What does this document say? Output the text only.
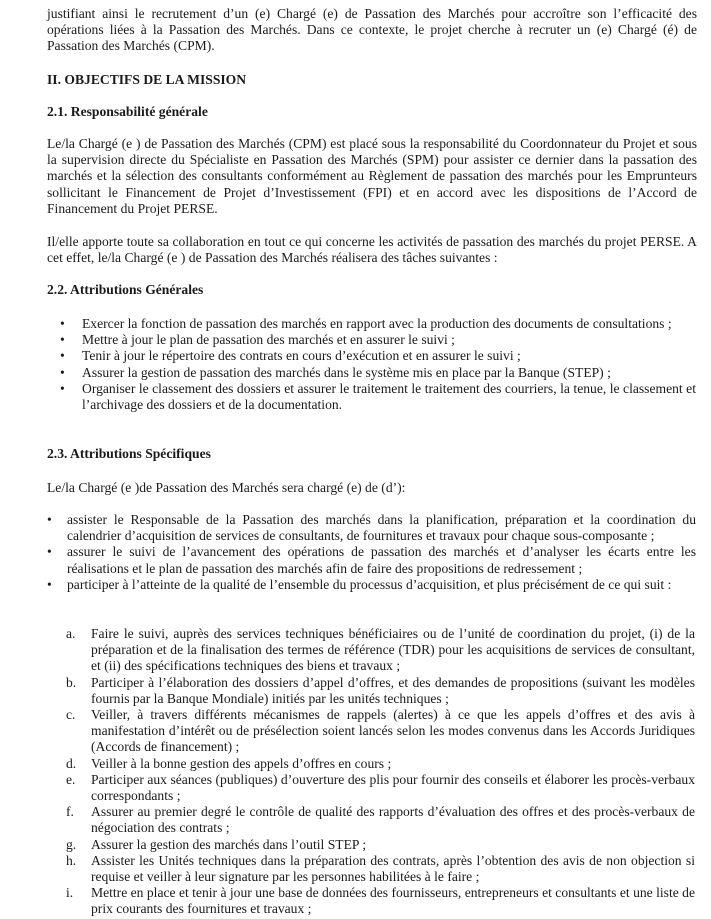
justifiant ainsi le recrutement d’un (e) Chargé (e) de Passation des Marchés pour accroître son l’efficacité des opérations liées à la Passation des Marchés. Dans ce contexte, le projet cherche à recruter un (e) Chargé (é) de Passation des Marchés (CPM).

II. OBJECTIFS DE LA MISSION

2.1. Responsabilité générale

Le/la Chargé (e ) de Passation des Marchés (CPM) est placé sous la responsabilité du Coordonnateur du Projet et sous la supervision directe du Spécialiste en Passation des Marchés (SPM) pour assister ce dernier dans la passation des marchés et la sélection des consultants conformément au Règlement de passation des marchés pour les Emprunteurs sollicitant le Financement de Projet d’Investissement (FPI) et en accord avec les dispositions de l’Accord de Financement du Projet PERSE.

Il/elle apporte toute sa collaboration en tout ce qui concerne les activités de passation des marchés du projet PERSE. A cet effet, le/la Chargé (e ) de Passation des Marchés réalisera des tâches suivantes :

2.2. Attributions Générales

• Exercer la fonction de passation des marchés en rapport avec la production des documents de consultations ;
• Mettre à jour le plan de passation des marchés et en assurer le suivi ;
• Tenir à jour le répertoire des contrats en cours d’exécution et en assurer le suivi ;
• Assurer la gestion de passation des marchés dans le système mis en place par la Banque (STEP) ;
• Organiser le classement des dossiers et assurer le traitement le traitement des courriers, la tenue, le classement et l’archivage des dossiers et de la documentation.

2.3. Attributions Spécifiques

Le/la Chargé (e )de Passation des Marchés sera chargé (e) de (d’):

• assister le Responsable de la Passation des marchés dans la planification, préparation et la coordination du calendrier d’acquisition de services de consultants, de fournitures et travaux pour chaque sous-composante ;
• assurer le suivi de l’avancement des opérations de passation des marchés et d’analyser les écarts entre les réalisations et le plan de passation des marchés afin de faire des propositions de redressement ;
• participer à l’atteinte de la qualité de l’ensemble du processus d’acquisition, et plus précisément de ce qui suit :
a. Faire le suivi, auprès des services techniques bénéficiaires ou de l’unité de coordination du projet, (i) de la préparation et de la finalisation des termes de référence (TDR) pour les acquisitions de services de consultant, et (ii) des spécifications techniques des biens et travaux ;
b. Participer à l’élaboration des dossiers d’appel d’offres, et des demandes de propositions (suivant les modèles fournis par la Banque Mondiale) initiés par les unités techniques ;
c. Veiller, à travers différents mécanismes de rappels (alertes) à ce que les appels d’offres et des avis à manifestation d’intérêt ou de présélection soient lancés selon les modes convenus dans les Accords Juridiques (Accords de financement) ;
d. Veiller à la bonne gestion des appels d’offres en cours ;
e. Participer aux séances (publiques) d’ouverture des plis pour fournir des conseils et élaborer les procès-verbaux correspondants ;
f. Assurer au premier degré le contrôle de qualité des rapports d’évaluation des offres et des procès-verbaux de négociation des contrats ;
g. Assurer la gestion des marchés dans l’outil STEP ;
h. Assister les Unités techniques dans la préparation des contrats, après l’obtention des avis de non objection si requise et veiller à leur signature par les personnes habilitées à le faire ;
i. Mettre en place et tenir à jour une base de données des fournisseurs, entrepreneurs et consultants et une liste de prix courants des fournitures et travaux ;
